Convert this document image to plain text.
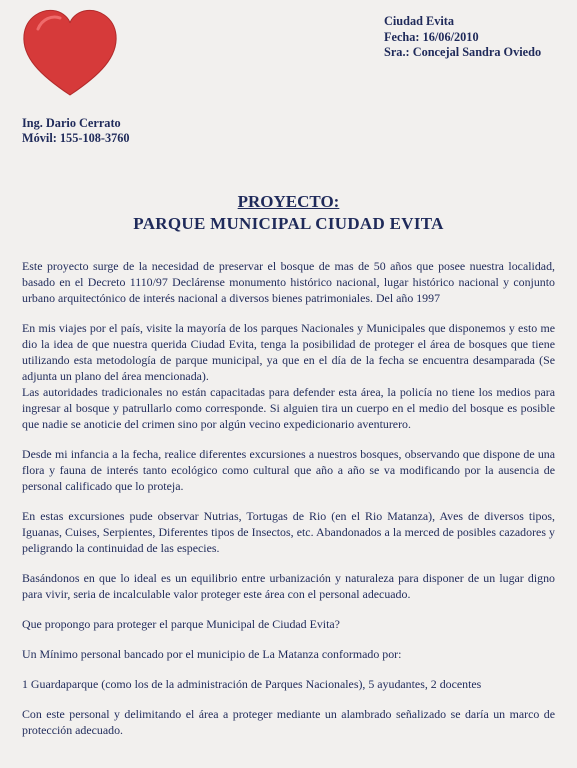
Ciudad Evita
Fecha: 16/06/2010
Sra.: Concejal Sandra Oviedo
Ing. Dario Cerrato
Móvil: 155-108-3760
PROYECTO:
PARQUE MUNICIPAL CIUDAD EVITA

Este proyecto surge de la necesidad de preservar el bosque de mas de 50 años que posee nuestra localidad, basado en el Decreto 1110/97 Declárense monumento histórico nacional, lugar histórico nacional y conjunto urbano arquitectónico de interés nacional a diversos bienes patrimoniales. Del año 1997

En mis viajes por el país, visite la mayoría de los parques Nacionales y Municipales que disponemos y esto me dio la idea de que nuestra querida Ciudad Evita, tenga la posibilidad de proteger el área de bosques que tiene utilizando esta metodología de parque municipal, ya que en el día de la fecha se encuentra desamparada (Se adjunta un plano del área mencionada).

Las autoridades tradicionales no están capacitadas para defender esta área, la policía no tiene los medios para ingresar al bosque y patrullarlo como corresponde. Si alguien tira un cuerpo en el medio del bosque es posible que nadie se anoticie del crimen sino por algún vecino expedicionario aventurero.

Desde mi infancia a la fecha, realice diferentes excursiones a nuestros bosques, observando que dispone de una flora y fauna de interés tanto ecológico como cultural que año a año se va modificando por la ausencia de personal calificado que lo proteja.

En estas excursiones pude observar Nutrias, Tortugas de Rio (en el Rio Matanza), Aves de diversos tipos, Iguanas, Cuises, Serpientes, Diferentes tipos de Insectos, etc. Abandonados a la merced de posibles cazadores y peligrando la continuidad de las especies.

Basándonos en que lo ideal es un equilibrio entre urbanización y naturaleza para disponer de un lugar digno para vivir, seria de incalculable valor proteger este área con el personal adecuado.

Que propongo para proteger el parque Municipal de Ciudad Evita?

Un Mínimo personal bancado por el municipio de La Matanza conformado por:

1 Guardaparque (como los de la administración de Parques Nacionales), 5 ayudantes, 2 docentes

Con este personal y delimitando el área a proteger mediante un alambrado señalizado se daría un marco de protección adecuado.
